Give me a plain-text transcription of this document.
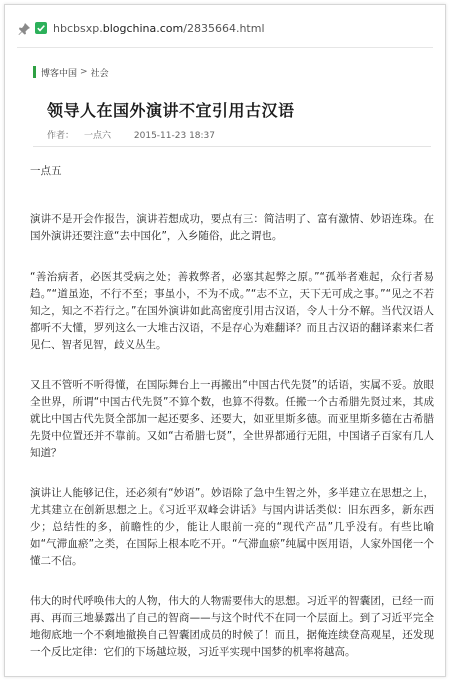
hbcbsxp.blogchina.com/2835664.html
博客中国 > 社会
领导人在国外演讲不宜引用古汉语
作者： 一点六	2015-11-23 18:37
一点五
演讲不是开会作报告，演讲若想成功，要点有三：简洁明了、富有激情、妙语连珠。在国外演讲还要注意“去中国化”，入乡随俗，此之谓也。
“善治病者，必医其受病之处；善救弊者，必塞其起弊之原。”“孤举者难起，众行者易趋。”“道虽迩，不行不至；事虽小，不为不成。”“志不立，天下无可成之事。”“见之不若知之，知之不若行之。”在国外演讲如此高密度引用古汉语，令人十分不解。当代汉语人都听不大懂，罗列这么一大堆古汉语，不是存心为难翻译？而且古汉语的翻译素来仁者见仁、智者见智，歧义丛生。
又且不管听不听得懂，在国际舞台上一再搬出“中国古代先贤”的话语，实属不妥。放眼全世界，所谓“中国古代先贤”不算个数，也算不得数。任搬一个古希腊先贤过来，其成就比中国古代先贤全部加一起还要多、还要大，如亚里斯多德。而亚里斯多德在古希腊先贤中位置还并不靠前。又如“古希腊七贤”，全世界都通行无阻，中国诸子百家有几人知道？
演讲让人能够记住，还必须有“妙语”。妙语除了急中生智之外，多半建立在思想之上，尤其建立在创新思想之上。《习近平双峰会讲话》与国内讲话类似：旧东西多，新东西少；总结性的多，前瞻性的少，能让人眼前一亮的“现代产品”几乎没有。有些比喻如“气滞血瘀”之类，在国际上根本吃不开。“气滞血瘀”纯属中医用语，人家外国佬一个懂二不信。
伟大的时代呼唤伟大的人物，伟大的人物需要伟大的思想。习近平的智囊团，已经一而再、再而三地暴露出了自己的智商——与这个时代不在同一个层面上。到了习近平完全地彻底地一个不剩地撤换自己智囊团成员的时候了！而且，据俺连续登高观星，还发现一个反比定律：它们的下场越垃圾，习近平实现中国梦的机率将越高。
